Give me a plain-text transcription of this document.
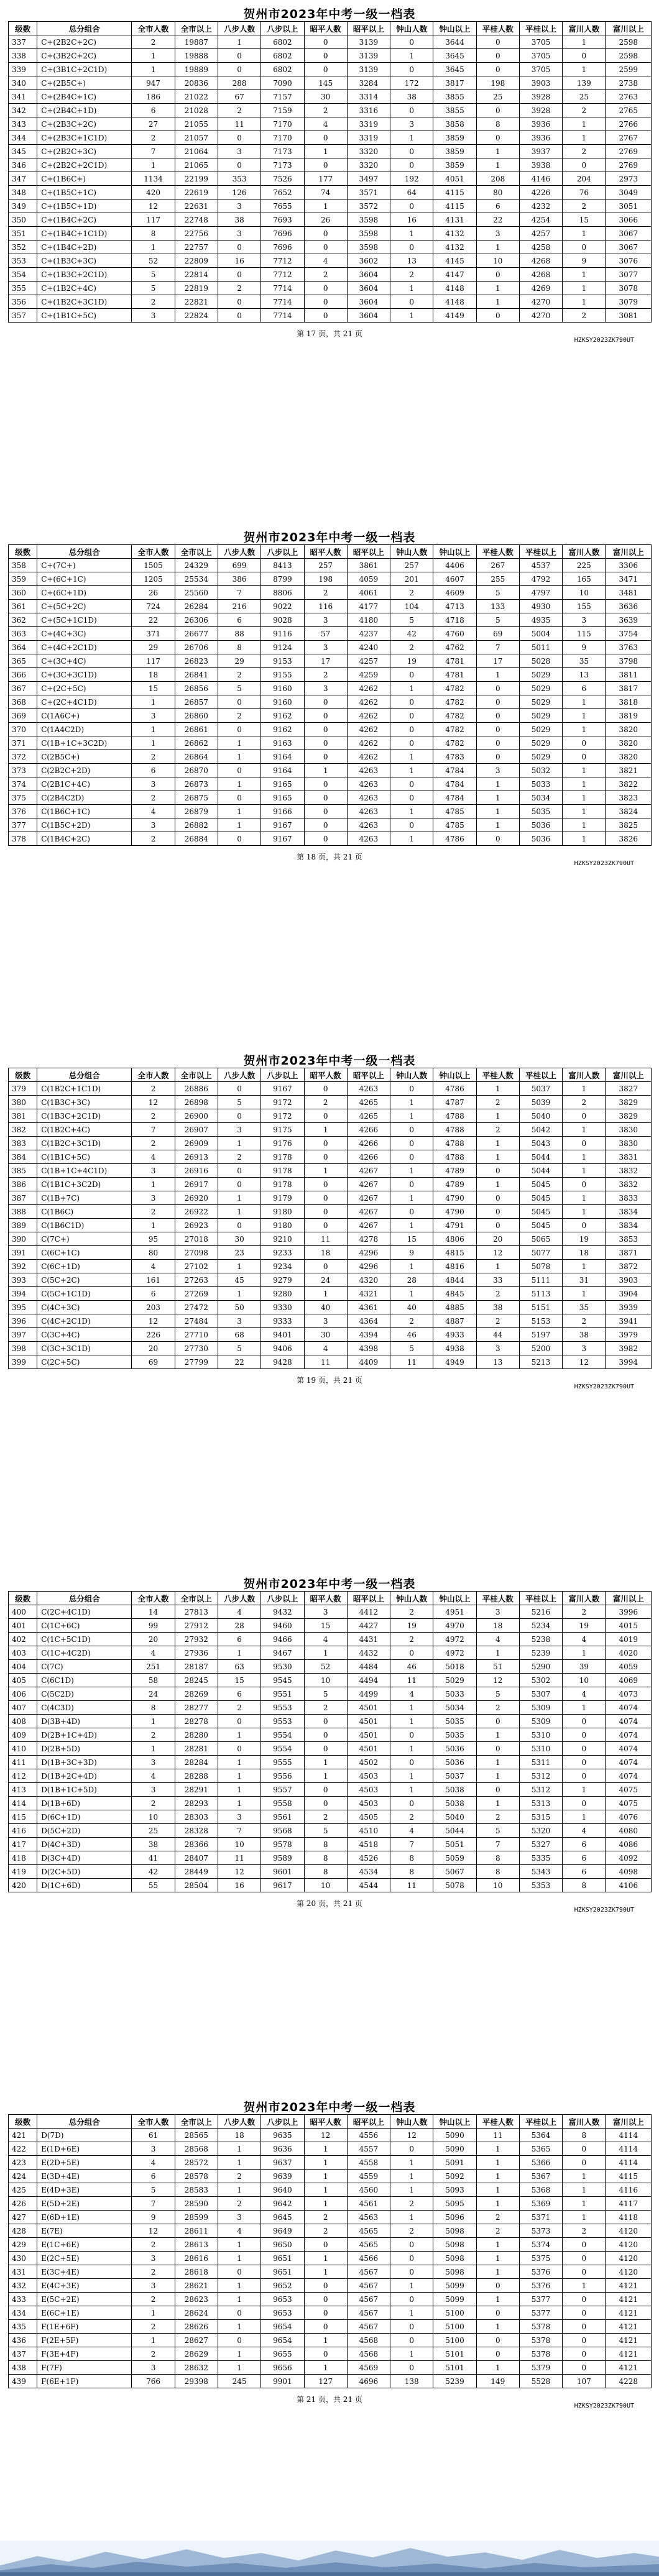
贺州市2023年中考一级一档表
级数	总分组合	全市人数	全市以上	八步人数	八步以上	昭平人数	昭平以上	钟山人数	钟山以上	平桂人数	平桂以上	富川人数	富川以上
337	C+(2B2C+2C)	2	19887	1	6802	0	3139	0	3644	0	3705	1	2598
338	C+(3B2C+2C)	1	19888	0	6802	0	3139	1	3645	0	3705	0	2598
339	C+(3B1C+2C1D)	1	19889	0	6802	0	3139	0	3645	0	3705	1	2599
340	C+(2B5C+)	947	20836	288	7090	145	3284	172	3817	198	3903	139	2738
341	C+(2B4C+1C)	186	21022	67	7157	30	3314	38	3855	25	3928	25	2763
342	C+(2B4C+1D)	6	21028	2	7159	2	3316	0	3855	0	3928	2	2765
343	C+(2B3C+2C)	27	21055	11	7170	4	3319	3	3858	8	3936	1	2766
344	C+(2B3C+1C1D)	2	21057	0	7170	0	3319	1	3859	0	3936	1	2767
345	C+(2B2C+3C)	7	21064	3	7173	1	3320	0	3859	1	3937	2	2769
346	C+(2B2C+2C1D)	1	21065	0	7173	0	3320	0	3859	1	3938	0	2769
347	C+(1B6C+)	1134	22199	353	7526	177	3497	192	4051	208	4146	204	2973
348	C+(1B5C+1C)	420	22619	126	7652	74	3571	64	4115	80	4226	76	3049
349	C+(1B5C+1D)	12	22631	3	7655	1	3572	0	4115	6	4232	2	3051
350	C+(1B4C+2C)	117	22748	38	7693	26	3598	16	4131	22	4254	15	3066
351	C+(1B4C+1C1D)	8	22756	3	7696	0	3598	1	4132	3	4257	1	3067
352	C+(1B4C+2D)	1	22757	0	7696	0	3598	0	4132	1	4258	0	3067
353	C+(1B3C+3C)	52	22809	16	7712	4	3602	13	4145	10	4268	9	3076
354	C+(1B3C+2C1D)	5	22814	0	7712	2	3604	2	4147	0	4268	1	3077
355	C+(1B2C+4C)	5	22819	2	7714	0	3604	1	4148	1	4269	1	3078
356	C+(1B2C+3C1D)	2	22821	0	7714	0	3604	0	4148	1	4270	1	3079
357	C+(1B1C+5C)	3	22824	0	7714	0	3604	1	4149	0	4270	2	3081
第 17 页，共 21 页
HZKSY2023ZK790UT
贺州市2023年中考一级一档表
级数	总分组合	全市人数	全市以上	八步人数	八步以上	昭平人数	昭平以上	钟山人数	钟山以上	平桂人数	平桂以上	富川人数	富川以上
358	C+(7C+)	1505	24329	699	8413	257	3861	257	4406	267	4537	225	3306
359	C+(6C+1C)	1205	25534	386	8799	198	4059	201	4607	255	4792	165	3471
360	C+(6C+1D)	26	25560	7	8806	2	4061	2	4609	5	4797	10	3481
361	C+(5C+2C)	724	26284	216	9022	116	4177	104	4713	133	4930	155	3636
362	C+(5C+1C1D)	22	26306	6	9028	3	4180	5	4718	5	4935	3	3639
363	C+(4C+3C)	371	26677	88	9116	57	4237	42	4760	69	5004	115	3754
364	C+(4C+2C1D)	29	26706	8	9124	3	4240	2	4762	7	5011	9	3763
365	C+(3C+4C)	117	26823	29	9153	17	4257	19	4781	17	5028	35	3798
366	C+(3C+3C1D)	18	26841	2	9155	2	4259	0	4781	1	5029	13	3811
367	C+(2C+5C)	15	26856	5	9160	3	4262	1	4782	0	5029	6	3817
368	C+(2C+4C1D)	1	26857	0	9160	0	4262	0	4782	0	5029	1	3818
369	C(1A6C+)	3	26860	2	9162	0	4262	0	4782	0	5029	1	3819
370	C(1A4C2D)	1	26861	0	9162	0	4262	0	4782	0	5029	1	3820
371	C(1B+1C+3C2D)	1	26862	1	9163	0	4262	0	4782	0	5029	0	3820
372	C(2B5C+)	2	26864	1	9164	0	4262	1	4783	0	5029	0	3820
373	C(2B2C+2D)	6	26870	0	9164	1	4263	1	4784	3	5032	1	3821
374	C(2B1C+4C)	3	26873	1	9165	0	4263	0	4784	1	5033	1	3822
375	C(2B4C2D)	2	26875	0	9165	0	4263	0	4784	1	5034	1	3823
376	C(1B6C+1C)	4	26879	1	9166	0	4263	1	4785	1	5035	1	3824
377	C(1B5C+2D)	3	26882	1	9167	0	4263	0	4785	1	5036	1	3825
378	C(1B4C+2C)	2	26884	0	9167	0	4263	1	4786	0	5036	1	3826
第 18 页，共 21 页
HZKSY2023ZK790UT
贺州市2023年中考一级一档表
级数	总分组合	全市人数	全市以上	八步人数	八步以上	昭平人数	昭平以上	钟山人数	钟山以上	平桂人数	平桂以上	富川人数	富川以上
379	C(1B2C+1C1D)	2	26886	0	9167	0	4263	0	4786	1	5037	1	3827
380	C(1B3C+3C)	12	26898	5	9172	2	4265	1	4787	2	5039	2	3829
381	C(1B3C+2C1D)	2	26900	0	9172	0	4265	1	4788	1	5040	0	3829
382	C(1B2C+4C)	7	26907	3	9175	1	4266	0	4788	2	5042	1	3830
383	C(1B2C+3C1D)	2	26909	1	9176	0	4266	0	4788	1	5043	0	3830
384	C(1B1C+5C)	4	26913	2	9178	0	4266	0	4788	1	5044	1	3831
385	C(1B+1C+4C1D)	3	26916	0	9178	1	4267	1	4789	0	5044	1	3832
386	C(1B1C+3C2D)	1	26917	0	9178	0	4267	0	4789	1	5045	0	3832
387	C(1B+7C)	3	26920	1	9179	0	4267	1	4790	0	5045	1	3833
388	C(1B6C)	2	26922	1	9180	0	4267	0	4790	0	5045	1	3834
389	C(1B6C1D)	1	26923	0	9180	0	4267	1	4791	0	5045	0	3834
390	C(7C+)	95	27018	30	9210	11	4278	15	4806	20	5065	19	3853
391	C(6C+1C)	80	27098	23	9233	18	4296	9	4815	12	5077	18	3871
392	C(6C+1D)	4	27102	1	9234	0	4296	1	4816	1	5078	1	3872
393	C(5C+2C)	161	27263	45	9279	24	4320	28	4844	33	5111	31	3903
394	C(5C+1C1D)	6	27269	1	9280	1	4321	1	4845	2	5113	1	3904
395	C(4C+3C)	203	27472	50	9330	40	4361	40	4885	38	5151	35	3939
396	C(4C+2C1D)	12	27484	3	9333	3	4364	2	4887	2	5153	2	3941
397	C(3C+4C)	226	27710	68	9401	30	4394	46	4933	44	5197	38	3979
398	C(3C+3C1D)	20	27730	5	9406	4	4398	5	4938	3	5200	3	3982
399	C(2C+5C)	69	27799	22	9428	11	4409	11	4949	13	5213	12	3994
第 19 页，共 21 页
HZKSY2023ZK790UT
贺州市2023年中考一级一档表
级数	总分组合	全市人数	全市以上	八步人数	八步以上	昭平人数	昭平以上	钟山人数	钟山以上	平桂人数	平桂以上	富川人数	富川以上
400	C(2C+4C1D)	14	27813	4	9432	3	4412	2	4951	3	5216	2	3996
401	C(1C+6C)	99	27912	28	9460	15	4427	19	4970	18	5234	19	4015
402	C(1C+5C1D)	20	27932	6	9466	4	4431	2	4972	4	5238	4	4019
403	C(1C+4C2D)	4	27936	1	9467	1	4432	0	4972	1	5239	1	4020
404	C(7C)	251	28187	63	9530	52	4484	46	5018	51	5290	39	4059
405	C(6C1D)	58	28245	15	9545	10	4494	11	5029	12	5302	10	4069
406	C(5C2D)	24	28269	6	9551	5	4499	4	5033	5	5307	4	4073
407	C(4C3D)	8	28277	2	9553	2	4501	1	5034	2	5309	1	4074
408	D(3B+4D)	1	28278	0	9553	0	4501	1	5035	0	5309	0	4074
409	D(2B+1C+4D)	2	28280	1	9554	0	4501	0	5035	1	5310	0	4074
410	D(2B+5D)	1	28281	0	9554	0	4501	1	5036	0	5310	0	4074
411	D(1B+3C+3D)	3	28284	1	9555	1	4502	0	5036	1	5311	0	4074
412	D(1B+2C+4D)	4	28288	1	9556	1	4503	1	5037	1	5312	0	4074
413	D(1B+1C+5D)	3	28291	1	9557	0	4503	1	5038	0	5312	1	4075
414	D(1B+6D)	2	28293	1	9558	0	4503	0	5038	1	5313	0	4075
415	D(6C+1D)	10	28303	3	9561	2	4505	2	5040	2	5315	1	4076
416	D(5C+2D)	25	28328	7	9568	5	4510	4	5044	5	5320	4	4080
417	D(4C+3D)	38	28366	10	9578	8	4518	7	5051	7	5327	6	4086
418	D(3C+4D)	41	28407	11	9589	8	4526	8	5059	8	5335	6	4092
419	D(2C+5D)	42	28449	12	9601	8	4534	8	5067	8	5343	6	4098
420	D(1C+6D)	55	28504	16	9617	10	4544	11	5078	10	5353	8	4106
第 20 页，共 21 页
HZKSY2023ZK790UT
贺州市2023年中考一级一档表
级数	总分组合	全市人数	全市以上	八步人数	八步以上	昭平人数	昭平以上	钟山人数	钟山以上	平桂人数	平桂以上	富川人数	富川以上
421	D(7D)	61	28565	18	9635	12	4556	12	5090	11	5364	8	4114
422	E(1D+6E)	3	28568	1	9636	1	4557	0	5090	1	5365	0	4114
423	E(2D+5E)	4	28572	1	9637	1	4558	1	5091	1	5366	0	4114
424	E(3D+4E)	6	28578	2	9639	1	4559	1	5092	1	5367	1	4115
425	E(4D+3E)	5	28583	1	9640	1	4560	1	5093	1	5368	1	4116
426	E(5D+2E)	7	28590	2	9642	1	4561	2	5095	1	5369	1	4117
427	E(6D+1E)	9	28599	3	9645	2	4563	1	5096	2	5371	1	4118
428	E(7E)	12	28611	4	9649	2	4565	2	5098	2	5373	2	4120
429	E(1C+6E)	2	28613	1	9650	0	4565	0	5098	1	5374	0	4120
430	E(2C+5E)	3	28616	1	9651	1	4566	0	5098	1	5375	0	4120
431	E(3C+4E)	2	28618	0	9651	1	4567	0	5098	1	5376	0	4120
432	E(4C+3E)	3	28621	1	9652	0	4567	1	5099	0	5376	1	4121
433	E(5C+2E)	2	28623	1	9653	0	4567	0	5099	1	5377	0	4121
434	E(6C+1E)	1	28624	0	9653	0	4567	1	5100	0	5377	0	4121
435	F(1E+6F)	2	28626	1	9654	0	4567	0	5100	1	5378	0	4121
436	F(2E+5F)	1	28627	0	9654	1	4568	0	5100	0	5378	0	4121
437	F(3E+4F)	2	28629	1	9655	0	4568	1	5101	0	5378	0	4121
438	F(7F)	3	28632	1	9656	1	4569	0	5101	1	5379	0	4121
439	F(6E+1F)	766	29398	245	9901	127	4696	138	5239	149	5528	107	4228
第 21 页，共 21 页
HZKSY2023ZK790UT
